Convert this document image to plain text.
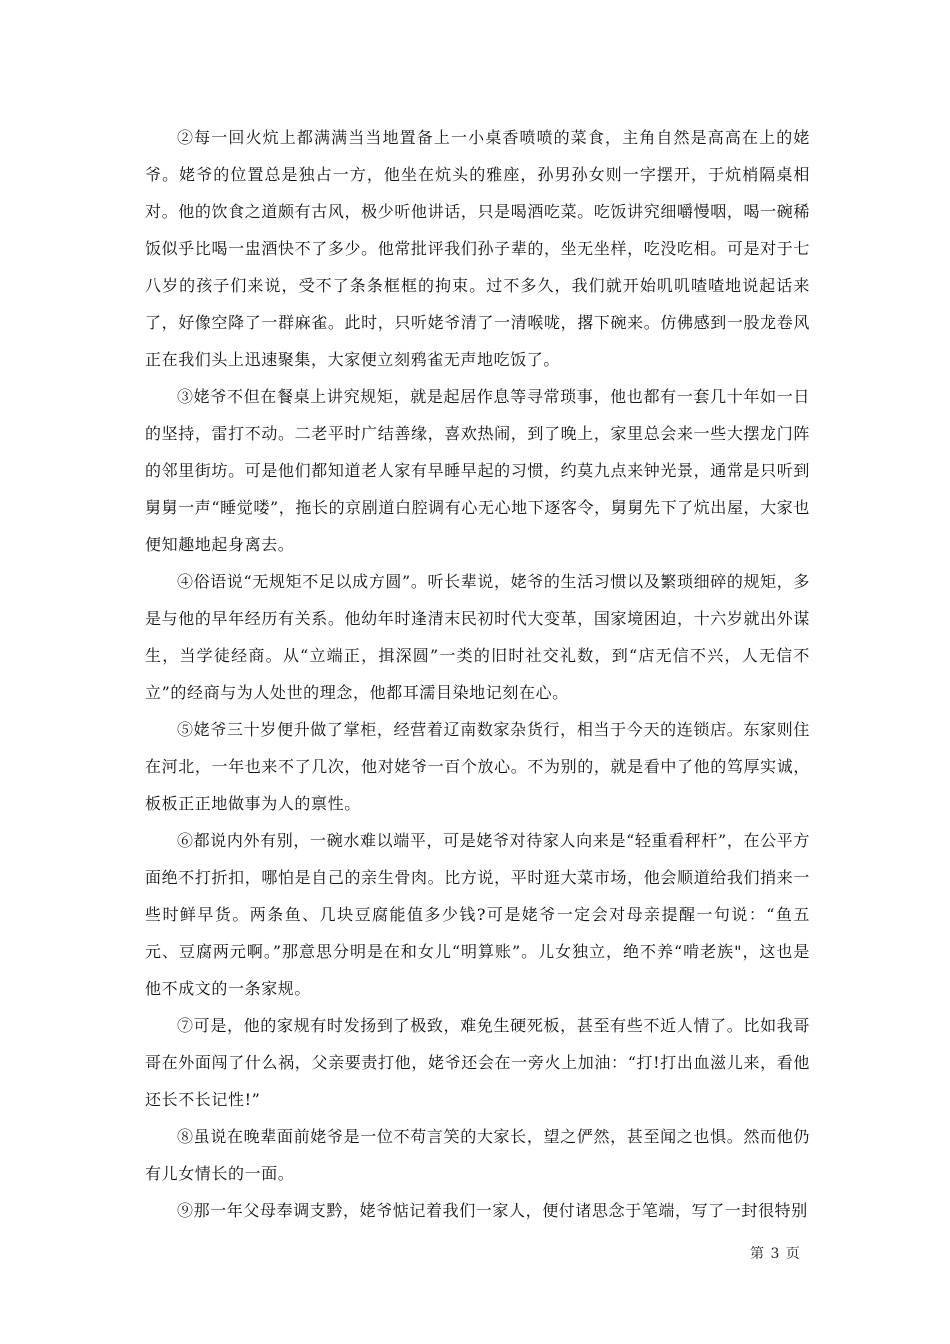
②每一回火炕上都满满当当地置备上一小桌香喷喷的菜食，主角自然是高高在上的姥爷。姥爷的位置总是独占一方，他坐在炕头的雅座，孙男孙女则一字摆开，于炕梢隔桌相对。他的饮食之道颇有古风，极少听他讲话，只是喝酒吃菜。吃饭讲究细嚼慢咽，喝一碗稀饭似乎比喝一盅酒快不了多少。他常批评我们孙子辈的，坐无坐样，吃没吃相。可是对于七八岁的孩子们来说，受不了条条框框的拘束。过不多久，我们就开始叽叽喳喳地说起话来了，好像空降了一群麻雀。此时，只听姥爷清了一清喉咙，撂下碗来。仿佛感到一股龙卷风正在我们头上迅速聚集，大家便立刻鸦雀无声地吃饭了。

③姥爷不但在餐桌上讲究规矩，就是起居作息等寻常琐事，他也都有一套几十年如一日的坚持，雷打不动。二老平时广结善缘，喜欢热闹，到了晚上，家里总会来一些大摆龙门阵的邻里街坊。可是他们都知道老人家有早睡早起的习惯，约莫九点来钟光景，通常是只听到舅舅一声“睡觉喽”，拖长的京剧道白腔调有心无心地下逐客令，舅舅先下了炕出屋，大家也便知趣地起身离去。

④俗语说“无规矩不足以成方圆”。听长辈说，姥爷的生活习惯以及繁琐细碎的规矩，多是与他的早年经历有关系。他幼年时逢清末民初时代大变革，国家境困迫，十六岁就出外谋生，当学徒经商。从“立端正，揖深圆”一类的旧时社交礼数，到“店无信不兴，人无信不立”的经商与为人处世的理念，他都耳濡目染地记刻在心。

⑤姥爷三十岁便升做了掌柜，经营着辽南数家杂货行，相当于今天的连锁店。东家则住在河北，一年也来不了几次，他对姥爷一百个放心。不为别的，就是看中了他的笃厚实诚，板板正正地做事为人的禀性。

⑥都说内外有别，一碗水难以端平，可是姥爷对待家人向来是“轻重看秤杆”，在公平方面绝不打折扣，哪怕是自己的亲生骨肉。比方说，平时逛大菜市场，他会顺道给我们捎来一些时鲜早货。两条鱼、几块豆腐能值多少钱?可是姥爷一定会对母亲提醒一句说：“鱼五元、豆腐两元啊。”那意思分明是在和女儿“明算账”。儿女独立，绝不养“啃老族"，这也是他不成文的一条家规。

⑦可是，他的家规有时发扬到了极致，难免生硬死板，甚至有些不近人情了。比如我哥哥在外面闯了什么祸，父亲要责打他，姥爷还会在一旁火上加油：“打!打出血滋儿来，看他还长不长记性!”

⑧虽说在晚辈面前姥爷是一位不苟言笑的大家长，望之俨然，甚至闻之也惧。然而他仍有儿女情长的一面。

⑨那一年父母奉调支黔，姥爷惦记着我们一家人，便付诸思念于笔端，写了一封很特别

第 3 页
